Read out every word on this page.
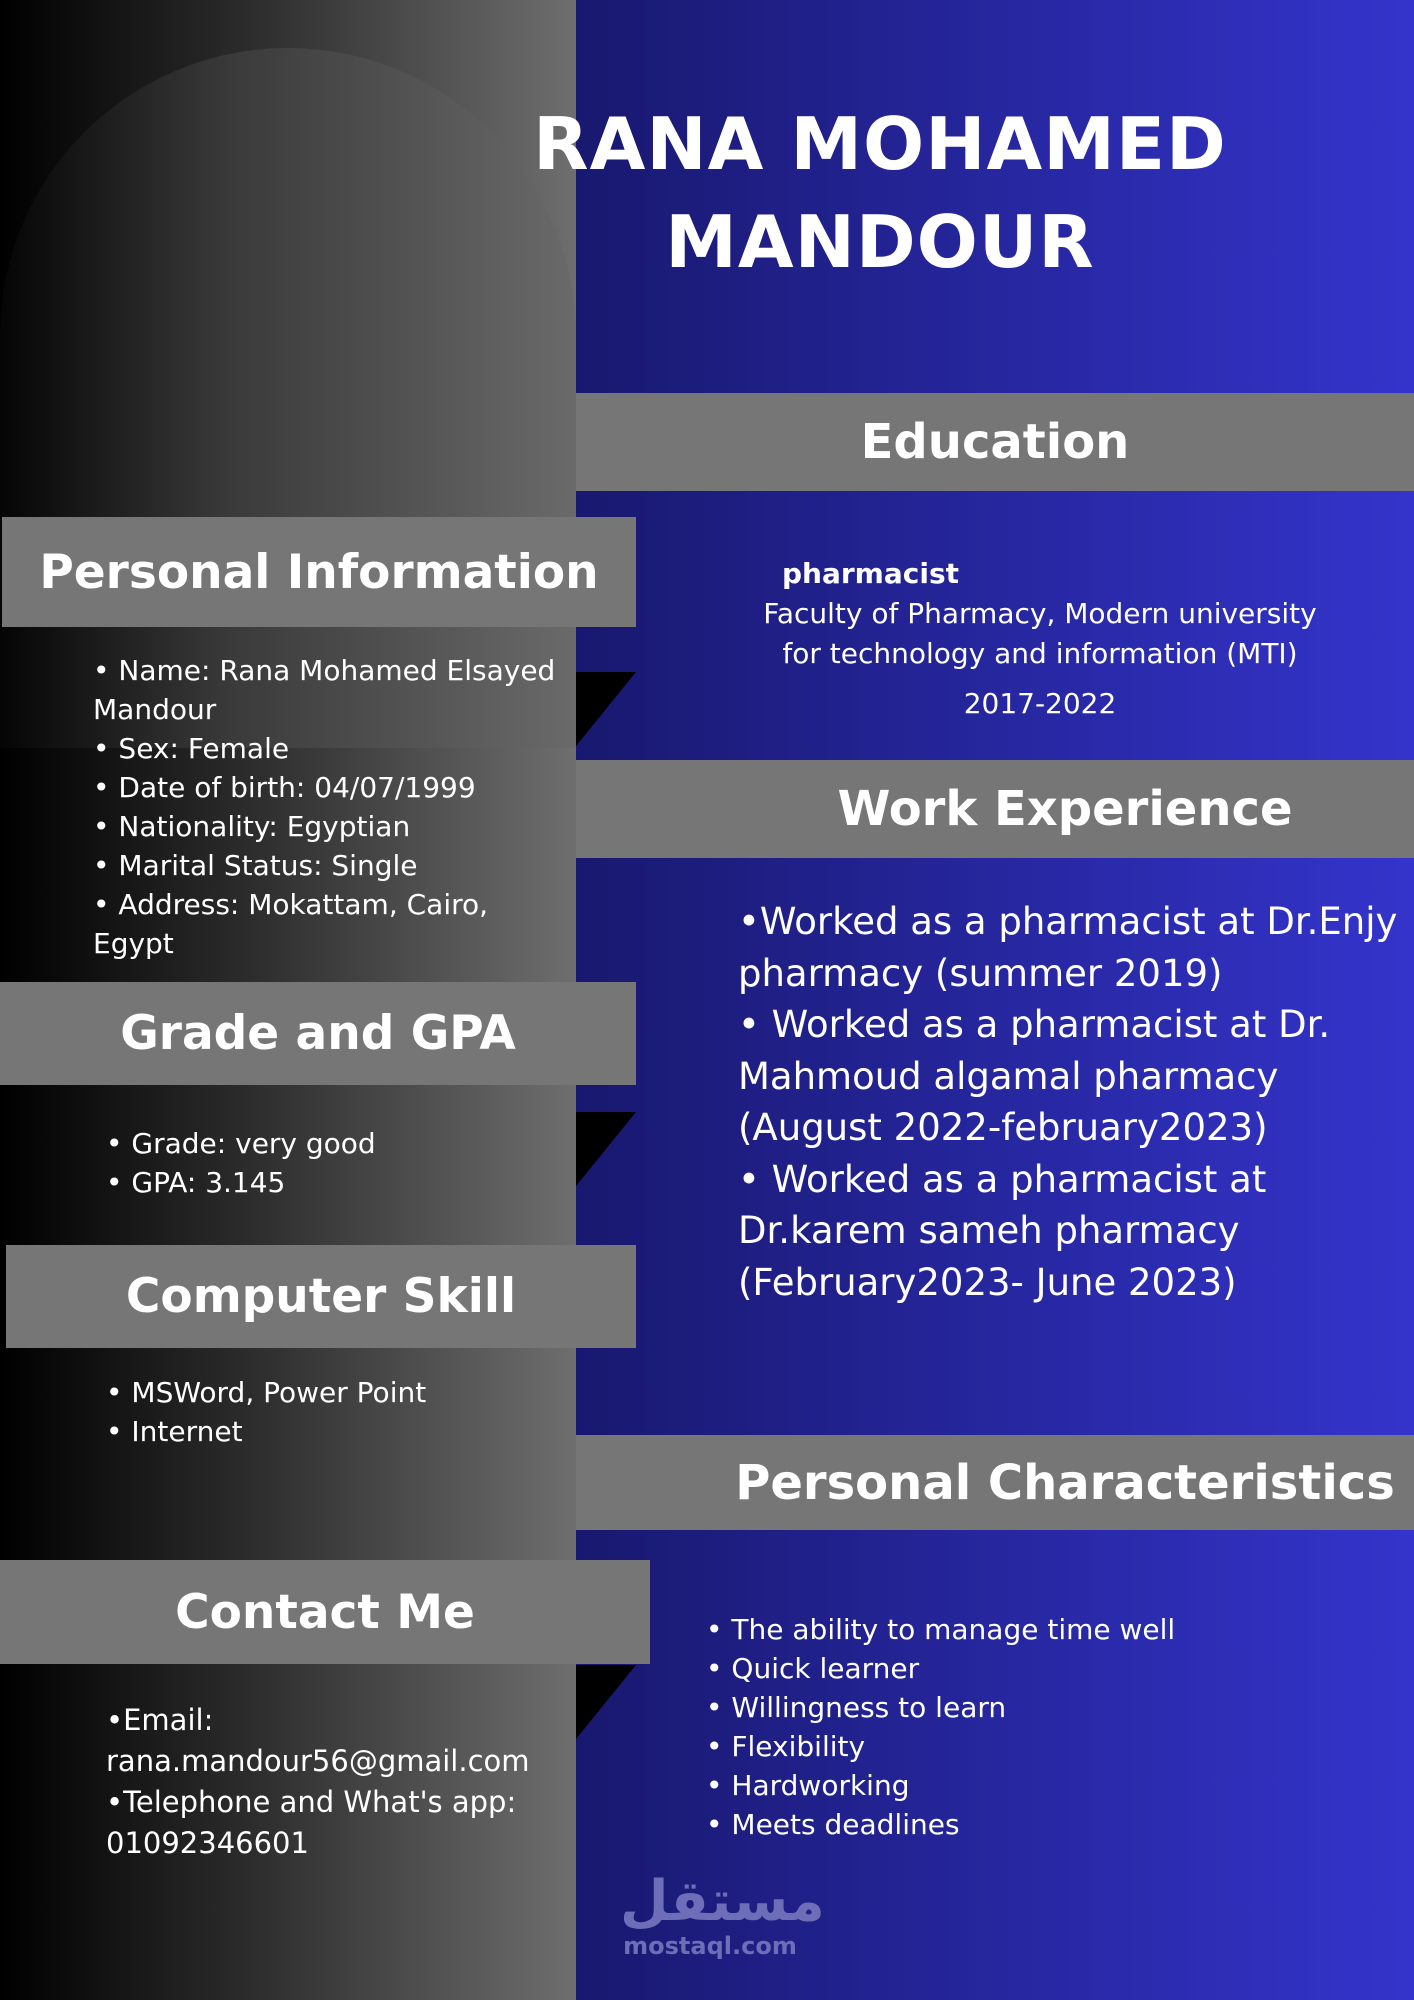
RANA MOHAMED
MANDOUR
Education
pharmacist
Faculty of Pharmacy, Modern university
for technology and information (MTI)
2017-2022
Personal Information
• Name: Rana Mohamed Elsayed
Mandour
• Sex: Female
• Date of birth: 04/07/1999
• Nationality: Egyptian
• Marital Status: Single
• Address: Mokattam, Cairo,
Egypt
Work Experience
•Worked as a pharmacist at Dr.Enjy
pharmacy (summer 2019)
• Worked as a pharmacist at Dr.
Mahmoud algamal pharmacy
(August 2022-february2023)
• Worked as a pharmacist at
Dr.karem sameh pharmacy
(February2023- June 2023)
Grade and GPA
• Grade: very good
• GPA: 3.145
Computer Skill
• MSWord, Power Point
• Internet
Personal Characteristics
• The ability to manage time well
• Quick learner
• Willingness to learn
• Flexibility
• Hardworking
• Meets deadlines
Contact Me
•Email:
rana.mandour56@gmail.com
•Telephone and What's app:
01092346601
مستقل
mostaql.com
